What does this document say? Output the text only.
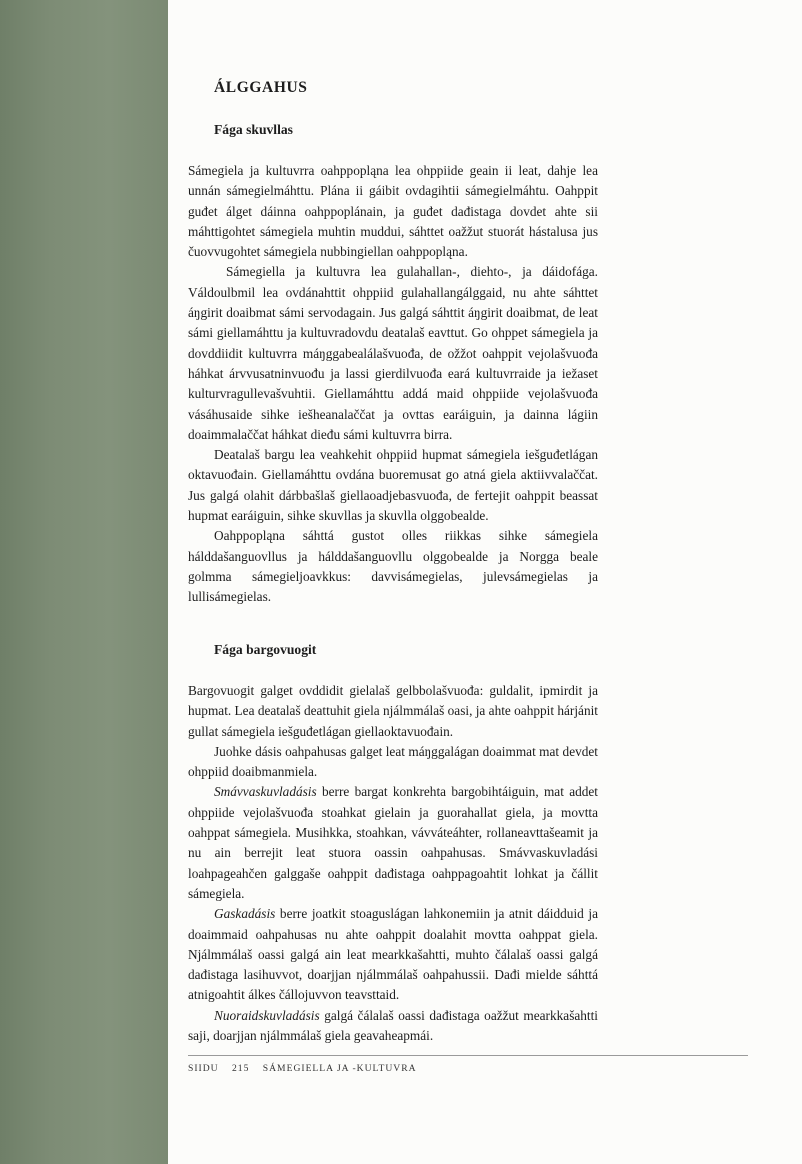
ÁLGGAHUS
Fága skuvllas

Sámegiela ja kultuvrra oahppopląna lea ohppiide geain ii leat, dahje lea unnán sámegielmáhttu. Plána ii gáibit ovdagihtii sámegielmáhtu. Oahppit guđet álget dáinna oahppoplánain, ja guđet dađistaga dovdet ahte sii máhttigohtet sámegiela muhtin muddui, sáhttet oažžut stuorát hástalusa jus čuovvugohtet sámegiela nubbingiellan oahppopląna.

Sámegiella ja kultuvra lea gulahallan-, diehto-, ja dáidofága. Váldoulbmil lea ovdánahttit ohppiid gulahallangálggaid, nu ahte sáhttet áŋgirit doaibmat sámi servodagain. Jus galgá sáhttit áŋgirit doaibmat, de leat sámi giellamáhttu ja kultuvradovdu deatalaš eavttut. Go ohppet sámegiela ja dovddiidit kultuvrra máŋggabealálašvuođa, de ožžot oahppit vejolašvuođa háhkat árvvusatninvuođu ja lassi gierdilvuođa eará kultuvrraide ja iežaset kulturvragullevašvuhtii. Giellamáhttu addá maid ohppiide vejolašvuođa vásáhusaide sihke iešheanalaččat ja ovttas earáiguin, ja dainna lágiin doaimmalaččat háhkat dieđu sámi kultuvrra birra.

Deatalaš bargu lea veahkehit ohppiid hupmat sámegiela iešguđetlágan oktavuođain. Giellamáhttu ovdána buoremusat go atná giela aktiivvalaččat. Jus galgá olahit dárbbašlaš giellaoadjebasvuođa, de fertejit oahppit beassat hupmat earáiguin, sihke skuvllas ja skuvlla olggobealde.

Oahppopląna sáhttá gustot olles riikkas sihke sámegiela hálddašanguovllus ja hálddašanguovllu olggobealde ja Norgga beale golmma sámegieljoavkkus: davvisámegielas, julevsámegielas ja lullisámegielas.

Fága bargovuogit

Bargovuogit galget ovddidit gielalaš gelbbolašvuođa: guldalit, ipmirdit ja hupmat. Lea deatalaš deattuhit giela njálmmálaš oasi, ja ahte oahppit hárjánit gullat sámegiela iešguđetlágan giellaoktavuođain.

Juohke dásis oahpahusas galget leat máŋggalágan doaimmat mat devdet ohppiid doaibmanmiela.

Smávvaskuvladásis berre bargat konkrehta bargobihtáiguin, mat addet ohppiide vejolašvuođa stoahkat gielain ja guorahallat giela, ja movtta oahppat sámegiela. Musihkka, stoahkan, vávváteáhter, rollaneavttašeamit ja nu ain berrejit leat stuora oassin oahpahusas. Smávvaskuvladási loahpageahčen galggaše oahppit dađistaga oahppagoahtit lohkat ja čállit sámegiela.

Gaskadásis berre joatkit stoaguslágan lahkonemiin ja atnit dáidduid ja doaimmaid oahpahusas nu ahte oahppit doalahit movtta oahppat giela. Njálmmálaš oassi galgá ain leat mearkkašahtti, muhto čálalaš oassi galgá dađistaga lasihuvvot, doarjjan njálmmálaš oahpahussii. Dađi mielde sáhttá atnigoahtit álkes čállojuvvon teavsttaid.

Nuoraidskuvladásis galgá čálalaš oassi dađistaga oažžut mearkkašahtti saji, doarjjan njálmmálaš giela geavaheapmái.

SIIDU 215 SÁMEGIELLA JA -KULTUVRA
